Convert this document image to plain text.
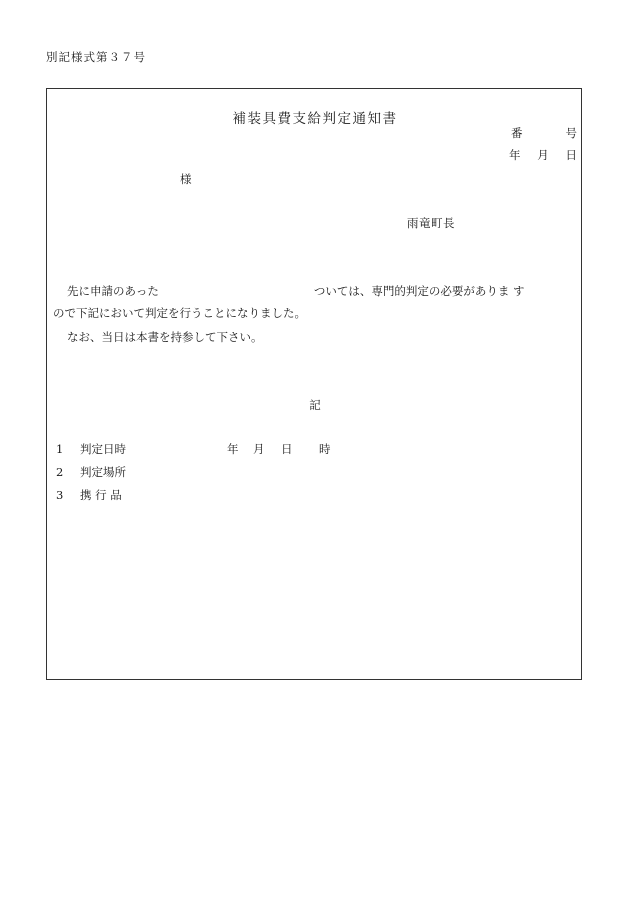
別記様式第３７号
補装具費支給判定通知書
番	号
年 月 日
様
雨竜町長
先に申請のあった	ついては、専門的判定の必要がありま す
ので下記において判定を行うことになりました。
なお、当日は本書を持参して下さい。
記
1 判定日時	年	月	日	時
2 判定場所
3 携 行 品
